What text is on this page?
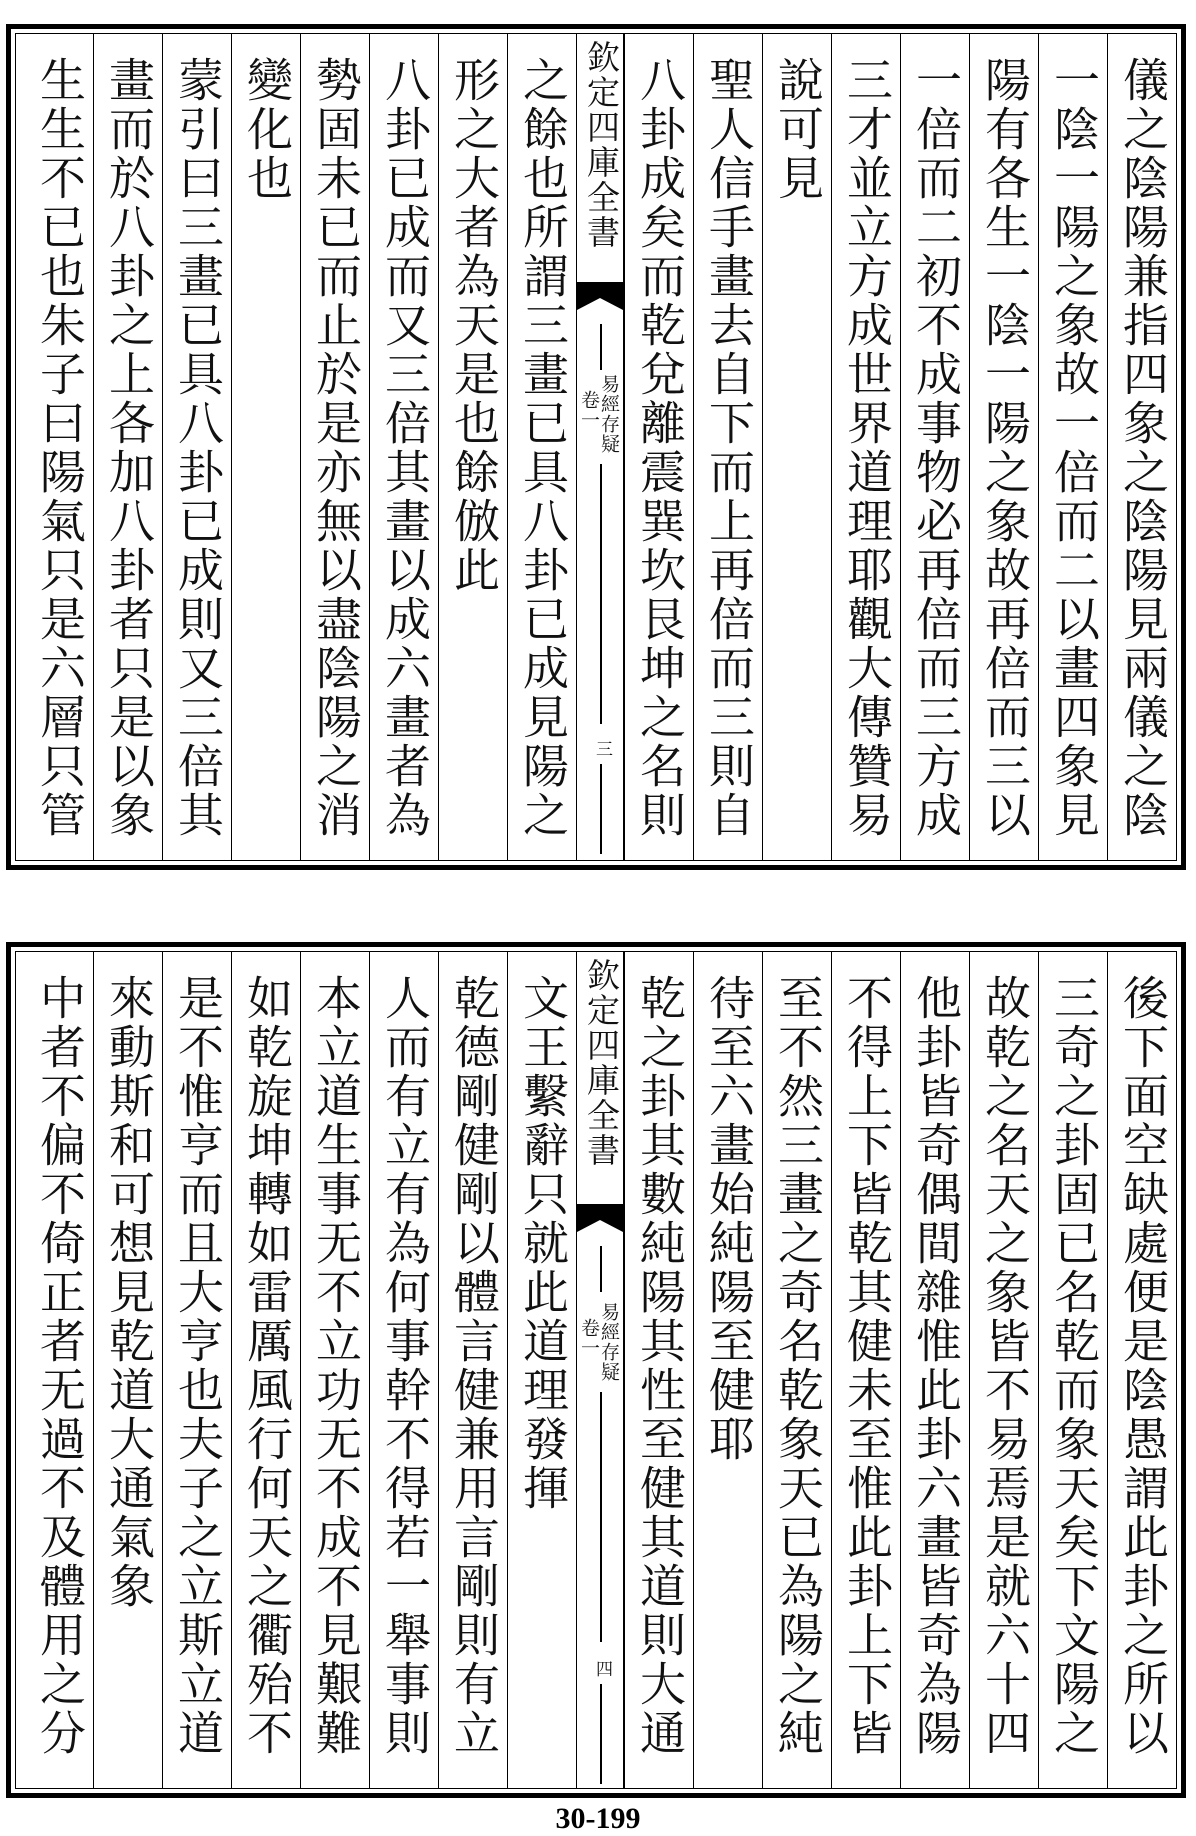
儀之陰陽兼指四象之陰陽見兩儀之陰
一陰一陽之象故一倍而二以畫四象見
陽有各生一陰一陽之象故再倍而三以
一倍而二初不成事物必再倍而三方成
三才並立方成世界道理耶觀大傳贊易
說可見
聖人信手畫去自下而上再倍而三則自
八卦成矣而乾兌離震巽坎艮坤之名則
欽定四庫全書
易經存疑
卷一
三
之餘也所謂三畫已具八卦已成見陽之
形之大者為天是也餘倣此
八卦已成而又三倍其畫以成六畫者為
勢固未已而止於是亦無以盡陰陽之消
變化也
蒙引曰三畫已具八卦已成則又三倍其
畫而於八卦之上各加八卦者只是以象
生生不已也朱子曰陽氣只是六層只管
後下面空缺處便是陰愚謂此卦之所以
三奇之卦固已名乾而象天矣下文陽之
故乾之名天之象皆不易焉是就六十四
他卦皆奇偶間雜惟此卦六畫皆奇為陽
不得上下皆乾其健未至惟此卦上下皆
至不然三畫之奇名乾象天已為陽之純
待至六畫始純陽至健耶
乾之卦其數純陽其性至健其道則大通
欽定四庫全書
易經存疑
卷一
四
文王繫辭只就此道理發揮
乾德剛健剛以體言健兼用言剛則有立
人而有立有為何事幹不得若一舉事則
本立道生事无不立功无不成不見艱難
如乾旋坤轉如雷厲風行何天之衢殆不
是不惟亨而且大亨也夫子之立斯立道
來動斯和可想見乾道大通氣象
中者不偏不倚正者无過不及體用之分
30-199
